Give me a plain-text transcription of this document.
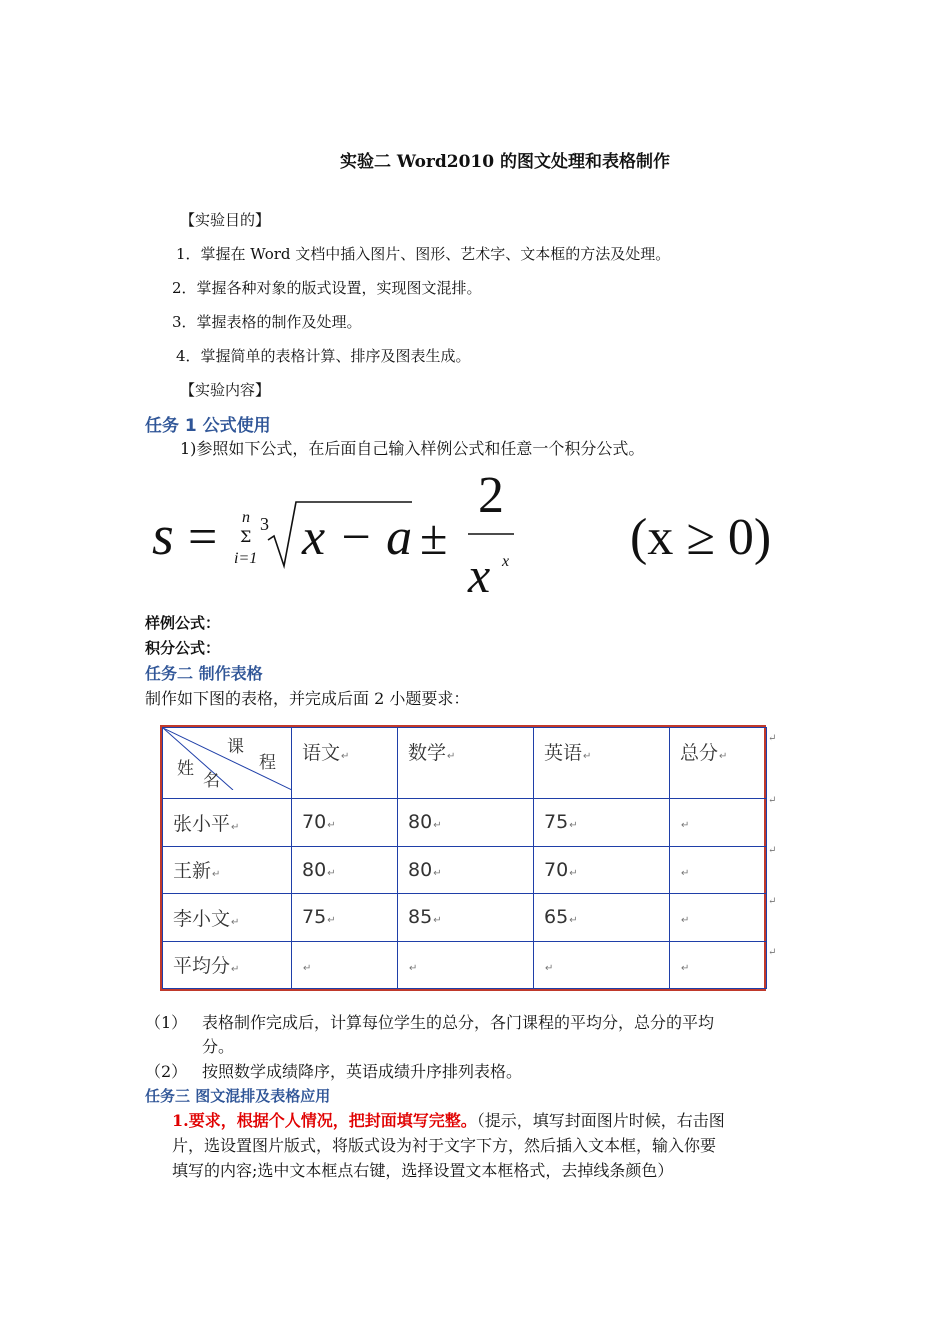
实验二 Word2010 的图文处理和表格制作
【实验目的】
1．掌握在 Word 文档中插入图片、图形、艺术字、文本框的方法及处理。
2．掌握各种对象的版式设置，实现图文混排。
3．掌握表格的制作及处理。
4．掌握简单的表格计算、排序及图表生成。
【实验内容】
任务 1 公式使用
1)参照如下公式，在后面自己输入样例公式和任意一个积分公式。
s = n
Σ
i=1
3 x − a ±
2
x x (x ≥ 0)
样例公式：
积分公式：
任务二 制作表格
制作如下图的表格，并完成后面 2 小题要求：
课
程
姓
名	语文↵	数学↵	英语↵	总分↵
张小平↵	70↵	80↵	75↵	↵
王新↵	80↵	80↵	70↵	↵
李小文↵	75↵	85↵	65↵	↵
平均分↵	↵	↵	↵	↵
↵
↵
↵
↵
↵
（1） 表格制作完成后，计算每位学生的总分，各门课程的平均分，总分的平均
分。
（2） 按照数学成绩降序，英语成绩升序排列表格。
任务三 图文混排及表格应用
1.要求，根据个人情况，把封面填写完整。（提示，填写封面图片时候，右击图
片，选设置图片版式，将版式设为衬于文字下方，然后插入文本框，输入你要
填写的内容;选中文本框点右键，选择设置文本框格式，去掉线条颜色）
